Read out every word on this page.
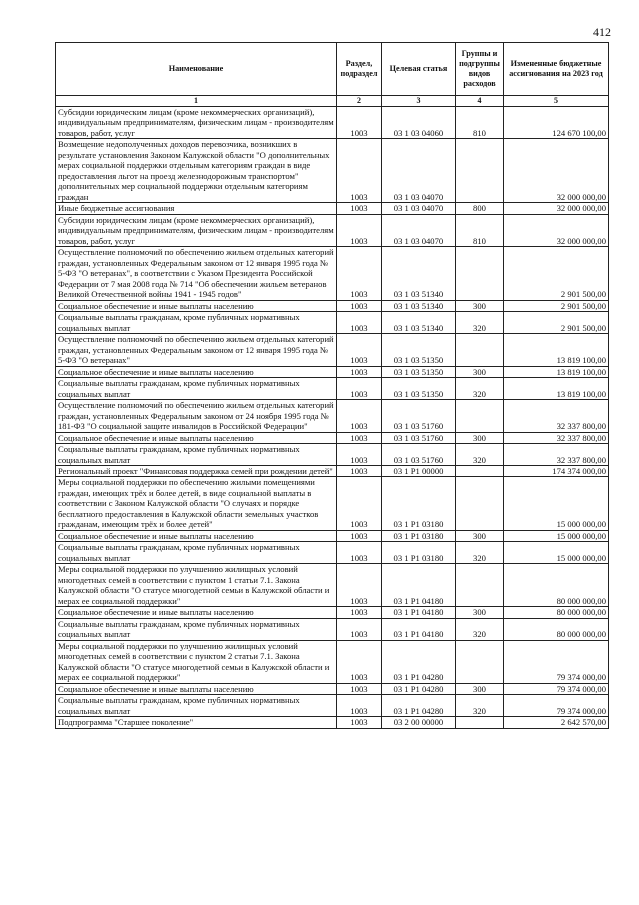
412
Наименование	Раздел, подраздел	Целевая статья	Группы и подгруппы видов расходов	Измененные бюджетные ассигнования на 2023 год
1	2	3	4	5
Субсидии юридическим лицам (кроме некоммерческих организаций), индивидуальным предпринимателям, физическим лицам - производителям товаров, работ, услуг	1003	03 1 03 04060	810	124 670 100,00
Возмещение недополученных доходов перевозчика, возникших в результате установления Законом Калужской области "О дополнительных мерах социальной поддержки отдельным категориям граждан в виде предоставления льгот на проезд железнодорожным транспортом" дополнительных мер социальной поддержки отдельным категориям граждан	1003	03 1 03 04070		32 000 000,00
Иные бюджетные ассигнования	1003	03 1 03 04070	800	32 000 000,00
Субсидии юридическим лицам (кроме некоммерческих организаций), индивидуальным предпринимателям, физическим лицам - производителям товаров, работ, услуг	1003	03 1 03 04070	810	32 000 000,00
Осуществление полномочий по обеспечению жильем отдельных категорий граждан, установленных Федеральным законом от 12 января 1995 года № 5-ФЗ "О ветеранах", в соответствии с Указом Президента Российской Федерации от 7 мая 2008 года № 714 "Об обеспечении жильем ветеранов Великой Отечественной войны 1941 - 1945 годов"	1003	03 1 03 51340		2 901 500,00
Социальное обеспечение и иные выплаты населению	1003	03 1 03 51340	300	2 901 500,00
Социальные выплаты гражданам, кроме публичных нормативных социальных выплат	1003	03 1 03 51340	320	2 901 500,00
Осуществление полномочий по обеспечению жильем отдельных категорий граждан, установленных Федеральным законом от 12 января 1995 года № 5-ФЗ "О ветеранах"	1003	03 1 03 51350		13 819 100,00
Социальное обеспечение и иные выплаты населению	1003	03 1 03 51350	300	13 819 100,00
Социальные выплаты гражданам, кроме публичных нормативных социальных выплат	1003	03 1 03 51350	320	13 819 100,00
Осуществление полномочий по обеспечению жильем отдельных категорий граждан, установленных Федеральным законом от 24 ноября 1995 года № 181-ФЗ "О социальной защите инвалидов в Российской Федерации"	1003	03 1 03 51760		32 337 800,00
Социальное обеспечение и иные выплаты населению	1003	03 1 03 51760	300	32 337 800,00
Социальные выплаты гражданам, кроме публичных нормативных социальных выплат	1003	03 1 03 51760	320	32 337 800,00
Региональный проект "Финансовая поддержка семей при рождении детей"	1003	03 1 P1 00000		174 374 000,00
Меры социальной поддержки по обеспечению жилыми помещениями граждан, имеющих трёх и более детей, в виде социальной выплаты в соответствии с Законом Калужской области "О случаях и порядке бесплатного предоставления в Калужской области земельных участков гражданам, имеющим трёх и более детей"	1003	03 1 P1 03180		15 000 000,00
Социальное обеспечение и иные выплаты населению	1003	03 1 P1 03180	300	15 000 000,00
Социальные выплаты гражданам, кроме публичных нормативных социальных выплат	1003	03 1 P1 03180	320	15 000 000,00
Меры социальной поддержки по улучшению жилищных условий многодетных семей в соответствии с пунктом 1 статьи 7.1. Закона Калужской области "О статусе многодетной семьи в Калужской области и мерах ее социальной поддержки"	1003	03 1 P1 04180		80 000 000,00
Социальное обеспечение и иные выплаты населению	1003	03 1 P1 04180	300	80 000 000,00
Социальные выплаты гражданам, кроме публичных нормативных социальных выплат	1003	03 1 P1 04180	320	80 000 000,00
Меры социальной поддержки по улучшению жилищных условий многодетных семей в соответствии с пунктом 2 статьи 7.1. Закона Калужской области "О статусе многодетной семьи в Калужской области и мерах ее социальной поддержки"	1003	03 1 P1 04280		79 374 000,00
Социальное обеспечение и иные выплаты населению	1003	03 1 P1 04280	300	79 374 000,00
Социальные выплаты гражданам, кроме публичных нормативных социальных выплат	1003	03 1 P1 04280	320	79 374 000,00
Подпрограмма "Старшее поколение"	1003	03 2 00 00000		2 642 570,00
